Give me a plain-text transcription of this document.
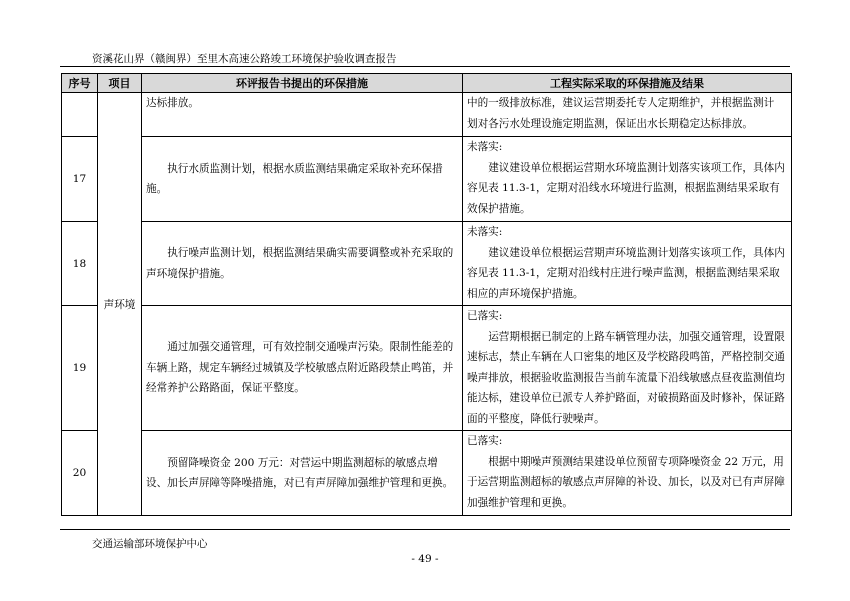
资溪花山界（赣闽界）至里木高速公路竣工环境保护验收调查报告
序号	项目	环评报告书提出的环保措施	工程实际采取的环保措施及结果
	声环境	达标排放。	中的一级排放标准，建议运营期委托专人定期维护，并根据监测计
划对各污水处理设施定期监测，保证出水长期稳定达标排放。

17		执行水质监测计划，根据水质监测结果确定采取补充环保措施。	未落实:
建议建设单位根据运营期水环境监测计划落实该项工作，具体内容见表 11.3-1，定期对沿线水环境进行监测，根据监测结果采取有效保护措施。

18		执行噪声监测计划，根据监测结果确实需要调整或补充采取的声环境保护措施。	未落实:
建议建设单位根据运营期声环境监测计划落实该项工作，具体内容见表 11.3-1，定期对沿线村庄进行噪声监测，根据监测结果采取相应的声环境保护措施。

19		通过加强交通管理，可有效控制交通噪声污染。限制性能差的车辆上路，规定车辆经过城镇及学校敏感点附近路段禁止鸣笛，并经常养护公路路面，保证平整度。	已落实:
运营期根据已制定的上路车辆管理办法，加强交通管理，设置限速标志，禁止车辆在人口密集的地区及学校路段鸣笛，严格控制交通噪声排放，根据验收监测报告当前车流量下沿线敏感点昼夜监测值均能达标，建设单位已派专人养护路面，对破损路面及时修补，保证路面的平整度，降低行驶噪声。

20		预留降噪资金 200 万元：对营运中期监测超标的敏感点增设、加长声屏障等降噪措施，对已有声屏障加强维护管理和更换。	已落实:
根据中期噪声预测结果建设单位预留专项降噪资金 22 万元，用于运营期监测超标的敏感点声屏障的补设、加长，以及对已有声屏障加强维护管理和更换。
交通运输部环境保护中心
- 49 -
